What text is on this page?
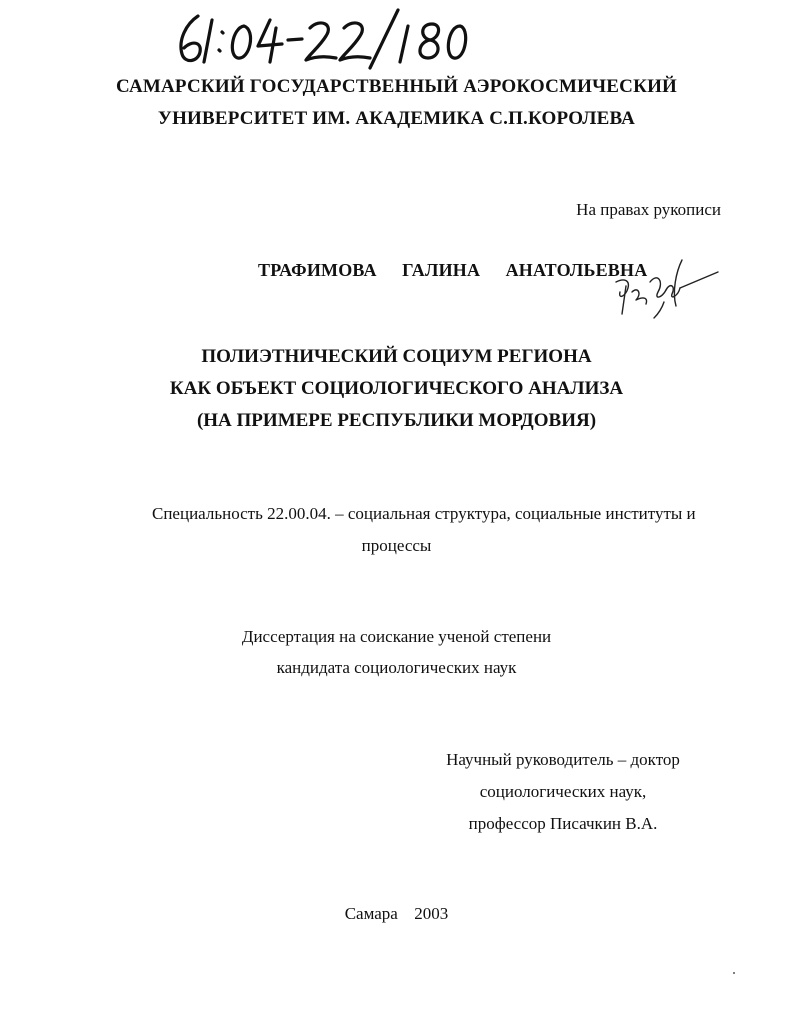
САМАРСКИЙ ГОСУДАРСТВЕННЫЙ АЭРОКОСМИЧЕСКИЙ
УНИВЕРСИТЕТ ИМ. АКАДЕМИКА С.П.КОРОЛЕВА
На правах рукописи
ТРАФИМОВА  ГАЛИНА  АНАТОЛЬЕВНА
ПОЛИЭТНИЧЕСКИЙ СОЦИУМ РЕГИОНА
КАК ОБЪЕКТ СОЦИОЛОГИЧЕСКОГО АНАЛИЗА
(НА ПРИМЕРЕ РЕСПУБЛИКИ МОРДОВИЯ)
Специальность 22.00.04. – социальная структура, социальные институты и
процессы
Диссертация на соискание ученой степени
кандидата социологических наук
Научный руководитель – доктор
социологических наук,
профессор Писачкин В.А.
Самара  2003
